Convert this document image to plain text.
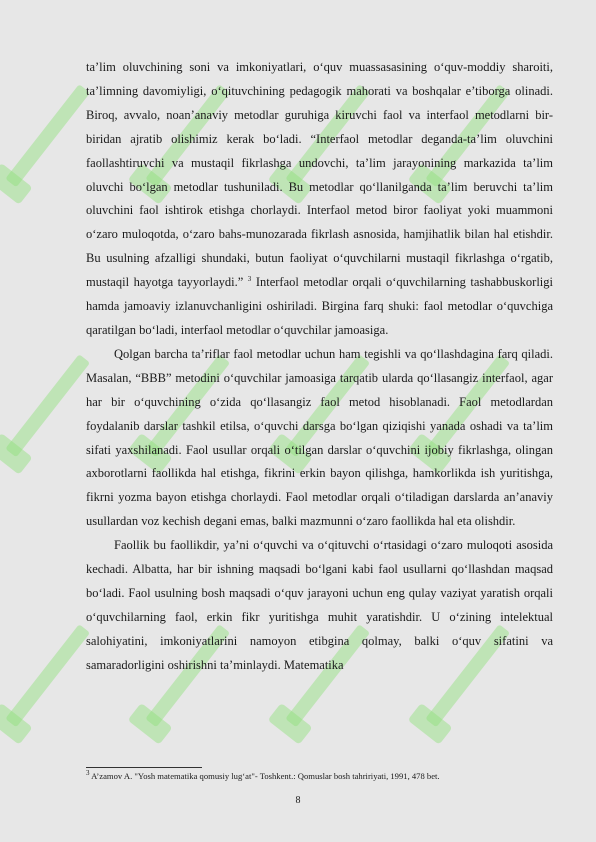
ta’lim oluvchining soni va imkoniyatlari, o‘quv muassasasining o‘quv-moddiy sharoiti, ta’limning davomiyligi, o‘qituvchining pedagogik mahorati va boshqalar e’tiborga olinadi. Biroq, avvalo, noan’anaviy metodlar guruhiga kiruvchi faol va interfaol metodlarni bir-biridan ajratib olishimiz kerak bo‘ladi. “Interfaol metodlar deganda-ta’lim oluvchini faollashtiruvchi va mustaqil fikrlashga undovchi, ta’lim jarayonining markazida ta’lim oluvchi bo‘lgan metodlar tushuniladi. Bu metodlar qo‘llanilganda ta’lim beruvchi ta’lim oluvchini faol ishtirok etishga chorlaydi. Interfaol metod biror faoliyat yoki muammoni o‘zaro muloqotda, o‘zaro bahs-munozarada fikrlash asnosida, hamjihatlik bilan hal etishdir. Bu usulning afzalligi shundaki, butun faoliyat o‘quvchilarni mustaqil fikrlashga o‘rgatib, mustaqil hayotga tayyorlaydi.” $^3$ Interfaol metodlar orqali o‘quvchilarning tashabbuskorligi hamda jamoaviy izlanuvchanligini oshiriladi. Birgina farq shuki: faol metodlar o‘quvchiga qaratilgan bo‘ladi, interfaol metodlar o‘quvchilar jamoasiga.

Qolgan barcha ta’riflar faol metodlar uchun ham tegishli va qo‘llashdagina farq qiladi. Masalan, “BBB” metodini o‘quvchilar jamoasiga tarqatib ularda qo‘llasangiz interfaol, agar har bir o‘quvchining o‘zida qo‘llasangiz faol metod hisoblanadi. Faol metodlardan foydalanib darslar tashkil etilsa, o‘quvchi darsga bo‘lgan qiziqishi yanada oshadi va ta’lim sifati yaxshilanadi. Faol usullar orqali o‘tilgan darslar o‘quvchini ijobiy fikrlashga, olingan axborotlarni faollikda hal etishga, fikrini erkin bayon qilishga, hamkorlikda ish yuritishga, fikrni yozma bayon etishga chorlaydi. Faol metodlar orqali o‘tiladigan darslarda an’anaviy usullardan voz kechish degani emas, balki mazmunni o‘zaro faollikda hal eta olishdir.

Faollik bu faollikdir, ya’ni o‘quvchi va o‘qituvchi o‘rtasidagi o‘zaro muloqoti asosida kechadi. Albatta, har bir ishning maqsadi bo‘lgani kabi faol usullarni qo‘llashdan maqsad bo‘ladi. Faol usulning bosh maqsadi o‘quv jarayoni uchun eng qulay vaziyat yaratish orqali o‘quvchilarning faol, erkin fikr yuritishga muhit yaratishdir. U o‘zining intelektual salohiyatini, imkoniyatlarini namoyon etibgina qolmay, balki o‘quv sifatini va samaradorligini oshirishni ta’minlaydi. Matematika

$^3$ A’zamov A. "Yosh matematika qomusiy lug‘at"- Toshkent.: Qomuslar bosh tahririyati, 1991, 478 bet.
8
